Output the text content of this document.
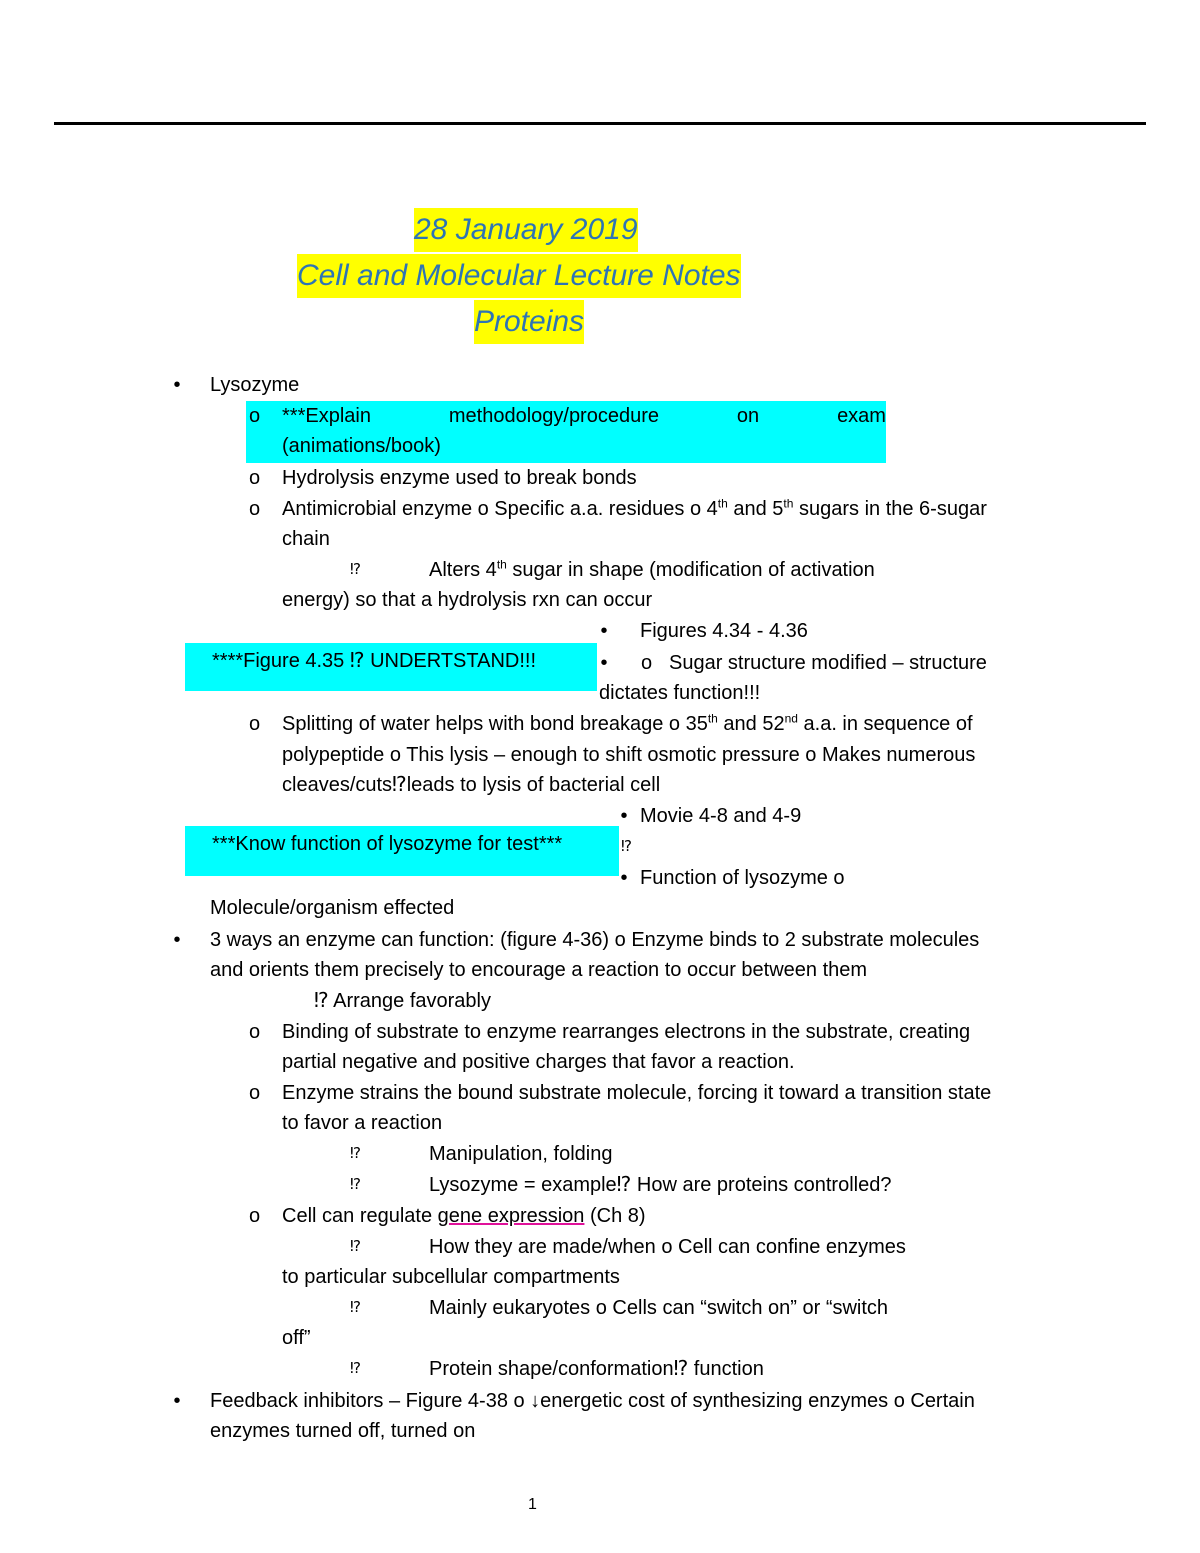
28 January 2019
Cell and Molecular Lecture Notes
Proteins
• Lysozyme
o ***Explain	methodology/procedure	on	exam
(animations/book)
o Hydrolysis enzyme used to break bonds
o Antimicrobial enzyme o Specific a.a. residues o 4th and 5th sugars in the 6-sugar
chain
⁉	Alters 4th sugar in shape (modification of activation
energy) so that a hydrolysis rxn can occur
• Figures 4.34 - 4.36
****Figure 4.35 ⁉ UNDERTSTAND!!!	• o Sugar structure modified – structure
dictates function!!!
o Splitting of water helps with bond breakage o 35th and 52nd a.a. in sequence of
polypeptide o This lysis – enough to shift osmotic pressure o Makes numerous
cleaves/cuts⁉leads to lysis of bacterial cell
• Movie 4-8 and 4-9
***Know function of lysozyme for test***	⁉
• Function of lysozyme o
Molecule/organism effected
• 3 ways an enzyme can function: (figure 4-36) o Enzyme binds to 2 substrate molecules
and orients them precisely to encourage a reaction to occur between them
⁉ Arrange favorably
o Binding of substrate to enzyme rearranges electrons in the substrate, creating
partial negative and positive charges that favor a reaction.
o Enzyme strains the bound substrate molecule, forcing it toward a transition state
to favor a reaction
⁉	Manipulation, folding
⁉	Lysozyme = example⁉ How are proteins controlled?
o Cell can regulate gene expression (Ch 8)
⁉	How they are made/when o Cell can confine enzymes
to particular subcellular compartments
⁉	Mainly eukaryotes o Cells can “switch on” or “switch
off”
⁉	Protein shape/conformation⁉ function
• Feedback inhibitors – Figure 4-38 o ↓energetic cost of synthesizing enzymes o Certain
enzymes turned off, turned on
1
